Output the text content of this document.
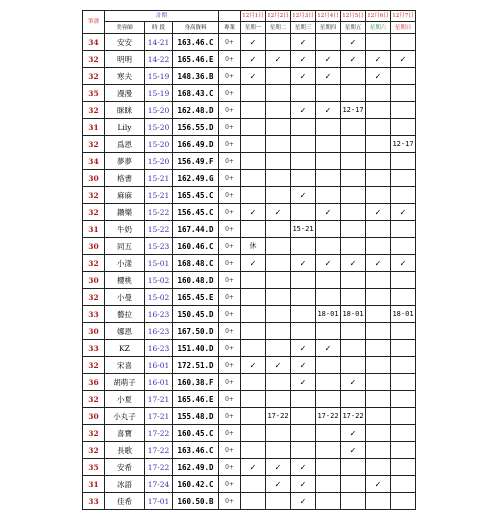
筆譯	計期				12月1日	12月2日	12月3日	12月4日	12月5日	12月6日	12月7日
	美容師	時 段	身高資料	專業	星期一	星期二	星期三	星期四	星期五	星期六	星期日
34	安安	14-21	163.46.C	0+	✓		✓		✓		
32	明明	14-22	165.46.E	0+	✓	✓	✓	✓	✓	✓	✓
32	寒夫	15-19	148.36.B	0+	✓		✓	✓		✓	
35	漫漫	15-19	168.43.C	0+							
32	眯眯	15-20	162.48.D	0+			✓	✓	12-17		
31	Lily	15-20	156.55.D	0+							
32	爲恩	15-20	166.49.D	0+							12-17
34	夢夢	15-20	156.49.F	0+							
30	格書	15-21	162.49.G	0+							
32	麻麻	15-21	165.45.C	0+			✓				
32	鑽樂	15-22	156.45.C	0+	✓	✓		✓		✓	✓
31	牛奶	15-22	167.44.D	0+			15-21				
30	同五	15-23	160.46.C	0+	休						
32	小漾	15-01	168.48.C	0+	✓		✓	✓	✓	✓	✓
30	櫻桃	15-02	160.48.D	0+							
32	小曼	15-02	165.45.E	0+							
33	藝拉	16-23	150.45.D	0+				18-01	18-01		18-01
30	娜恩	16-23	167.50.D	0+							
33	KZ	16-23	151.40.D	0+			✓	✓			
32	宋喜	16-01	172.51.D	0+	✓	✓	✓				
36	胡萌子	16-01	160.38.F	0+			✓		✓		
32	小夏	17-21	165.46.E	0+							
30	小丸子	17-21	155.48.D	0+		17-22		17-22	17-22		
32	喜寶	17-22	160.45.C	0+					✓		
32	長歌	17-22	163.46.C	0+					✓		
35	安希	17-22	162.49.D	0+	✓	✓	✓				
31	冰語	17-24	160.42.C	0+		✓	✓			✓	
33	佳希	17-01	160.50.B	0+			✓				
